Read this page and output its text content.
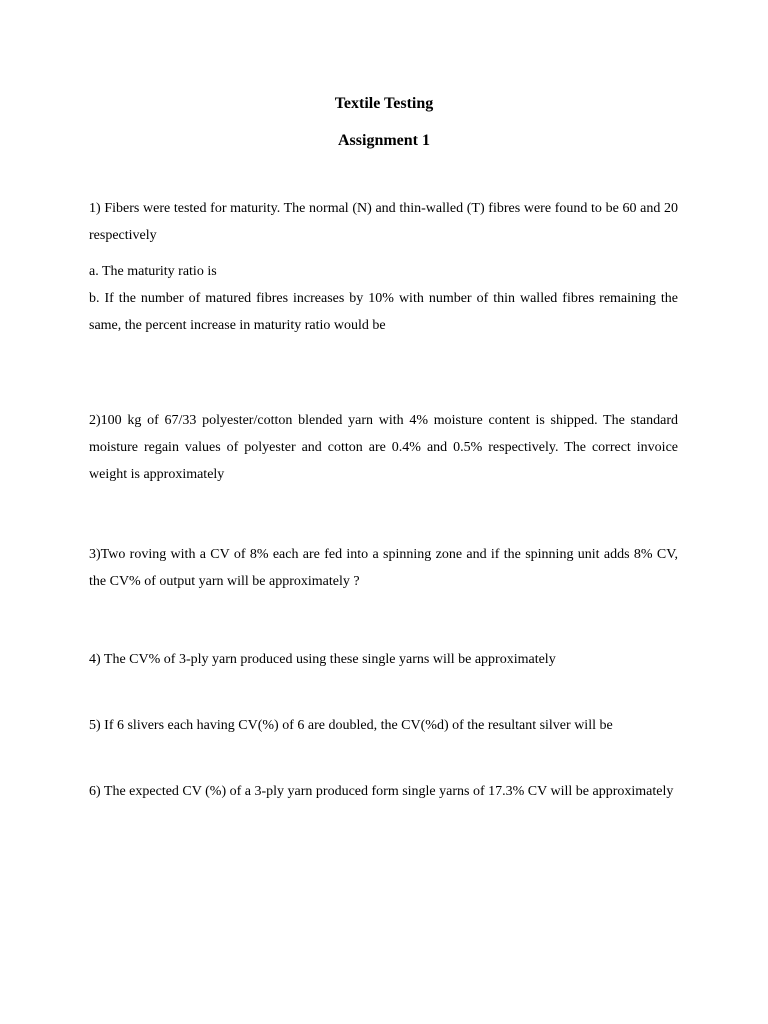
Textile Testing
Assignment 1

1) Fibers were tested for maturity. The normal (N) and thin-walled (T) fibres were found to be 60 and 20 respectively

a. The maturity ratio is

b. If the number of matured fibres increases by 10% with number of thin walled fibres remaining the same, the percent increase in maturity ratio would be

2)100 kg of 67/33 polyester/cotton blended yarn with 4% moisture content is shipped. The standard moisture regain values of polyester and cotton are 0.4% and 0.5% respectively. The correct invoice weight is approximately

3)Two roving with a CV of 8% each are fed into a spinning zone and if the spinning unit adds 8% CV, the CV% of output yarn will be approximately ?

4) The CV% of 3-ply yarn produced using these single yarns will be approximately

5) If 6 slivers each having CV(%) of 6 are doubled, the CV(%d) of the resultant silver will be

6) The expected CV (%) of a 3-ply yarn produced form single yarns of 17.3% CV will be approximately
